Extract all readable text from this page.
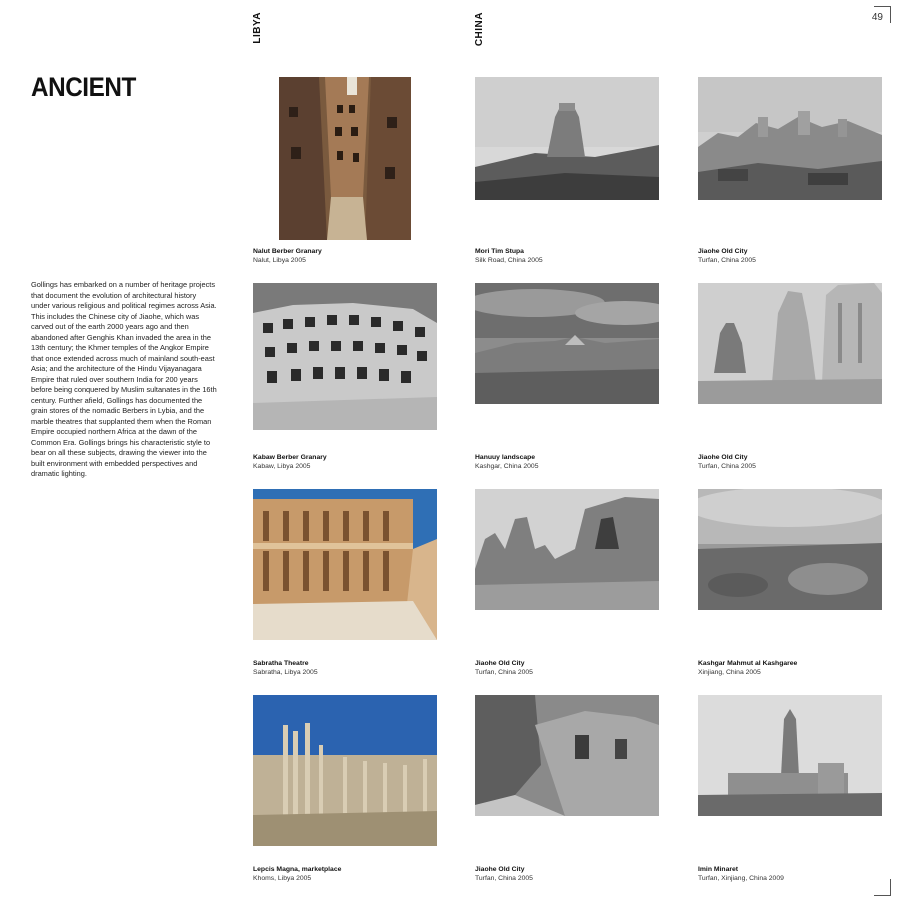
49
LIBYA	CHINA
ANCIENT

Gollings has embarked on a number of heritage projects that document the evolution of architectural history under various religious and political regimes across Asia. This includes the Chinese city of Jiaohe, which was carved out of the earth 2000 years ago and then abandoned after Genghis Khan invaded the area in the 13th century; the Khmer temples of the Angkor Empire that once extended across much of mainland south-east Asia; and the architecture of the Hindu Vijayanagara Empire that ruled over southern India for 200 years before being conquered by Muslim sultanates in the 16th century. Further afield, Gollings has documented the grain stores of the nomadic Berbers in Lybia, and the marble theatres that supplanted them when the Roman Empire occupied northern Africa at the dawn of the Common Era. Gollings brings his characteristic style to bear on all these subjects, drawing the viewer into the built environment with embedded perspectives and dramatic lighting.

Nalut Berber Granary
Nalut, Libya 2005
Mori Tim Stupa
Silk Road, China 2005
Jiaohe Old City
Turfan, China 2005
Kabaw Berber Granary
Kabaw, Libya 2005
Hanuuy landscape
Kashgar, China 2005
Jiaohe Old City
Turfan, China 2005
Sabratha Theatre
Sabratha, Libya 2005
Jiaohe Old City
Turfan, China 2005
Kashgar Mahmut al Kashgaree
Xinjiang, China 2005
Lepcis Magna, marketplace
Khoms, Libya 2005
Jiaohe Old City
Turfan, China 2005
Imin Minaret
Turfan, Xinjiang, China 2009
